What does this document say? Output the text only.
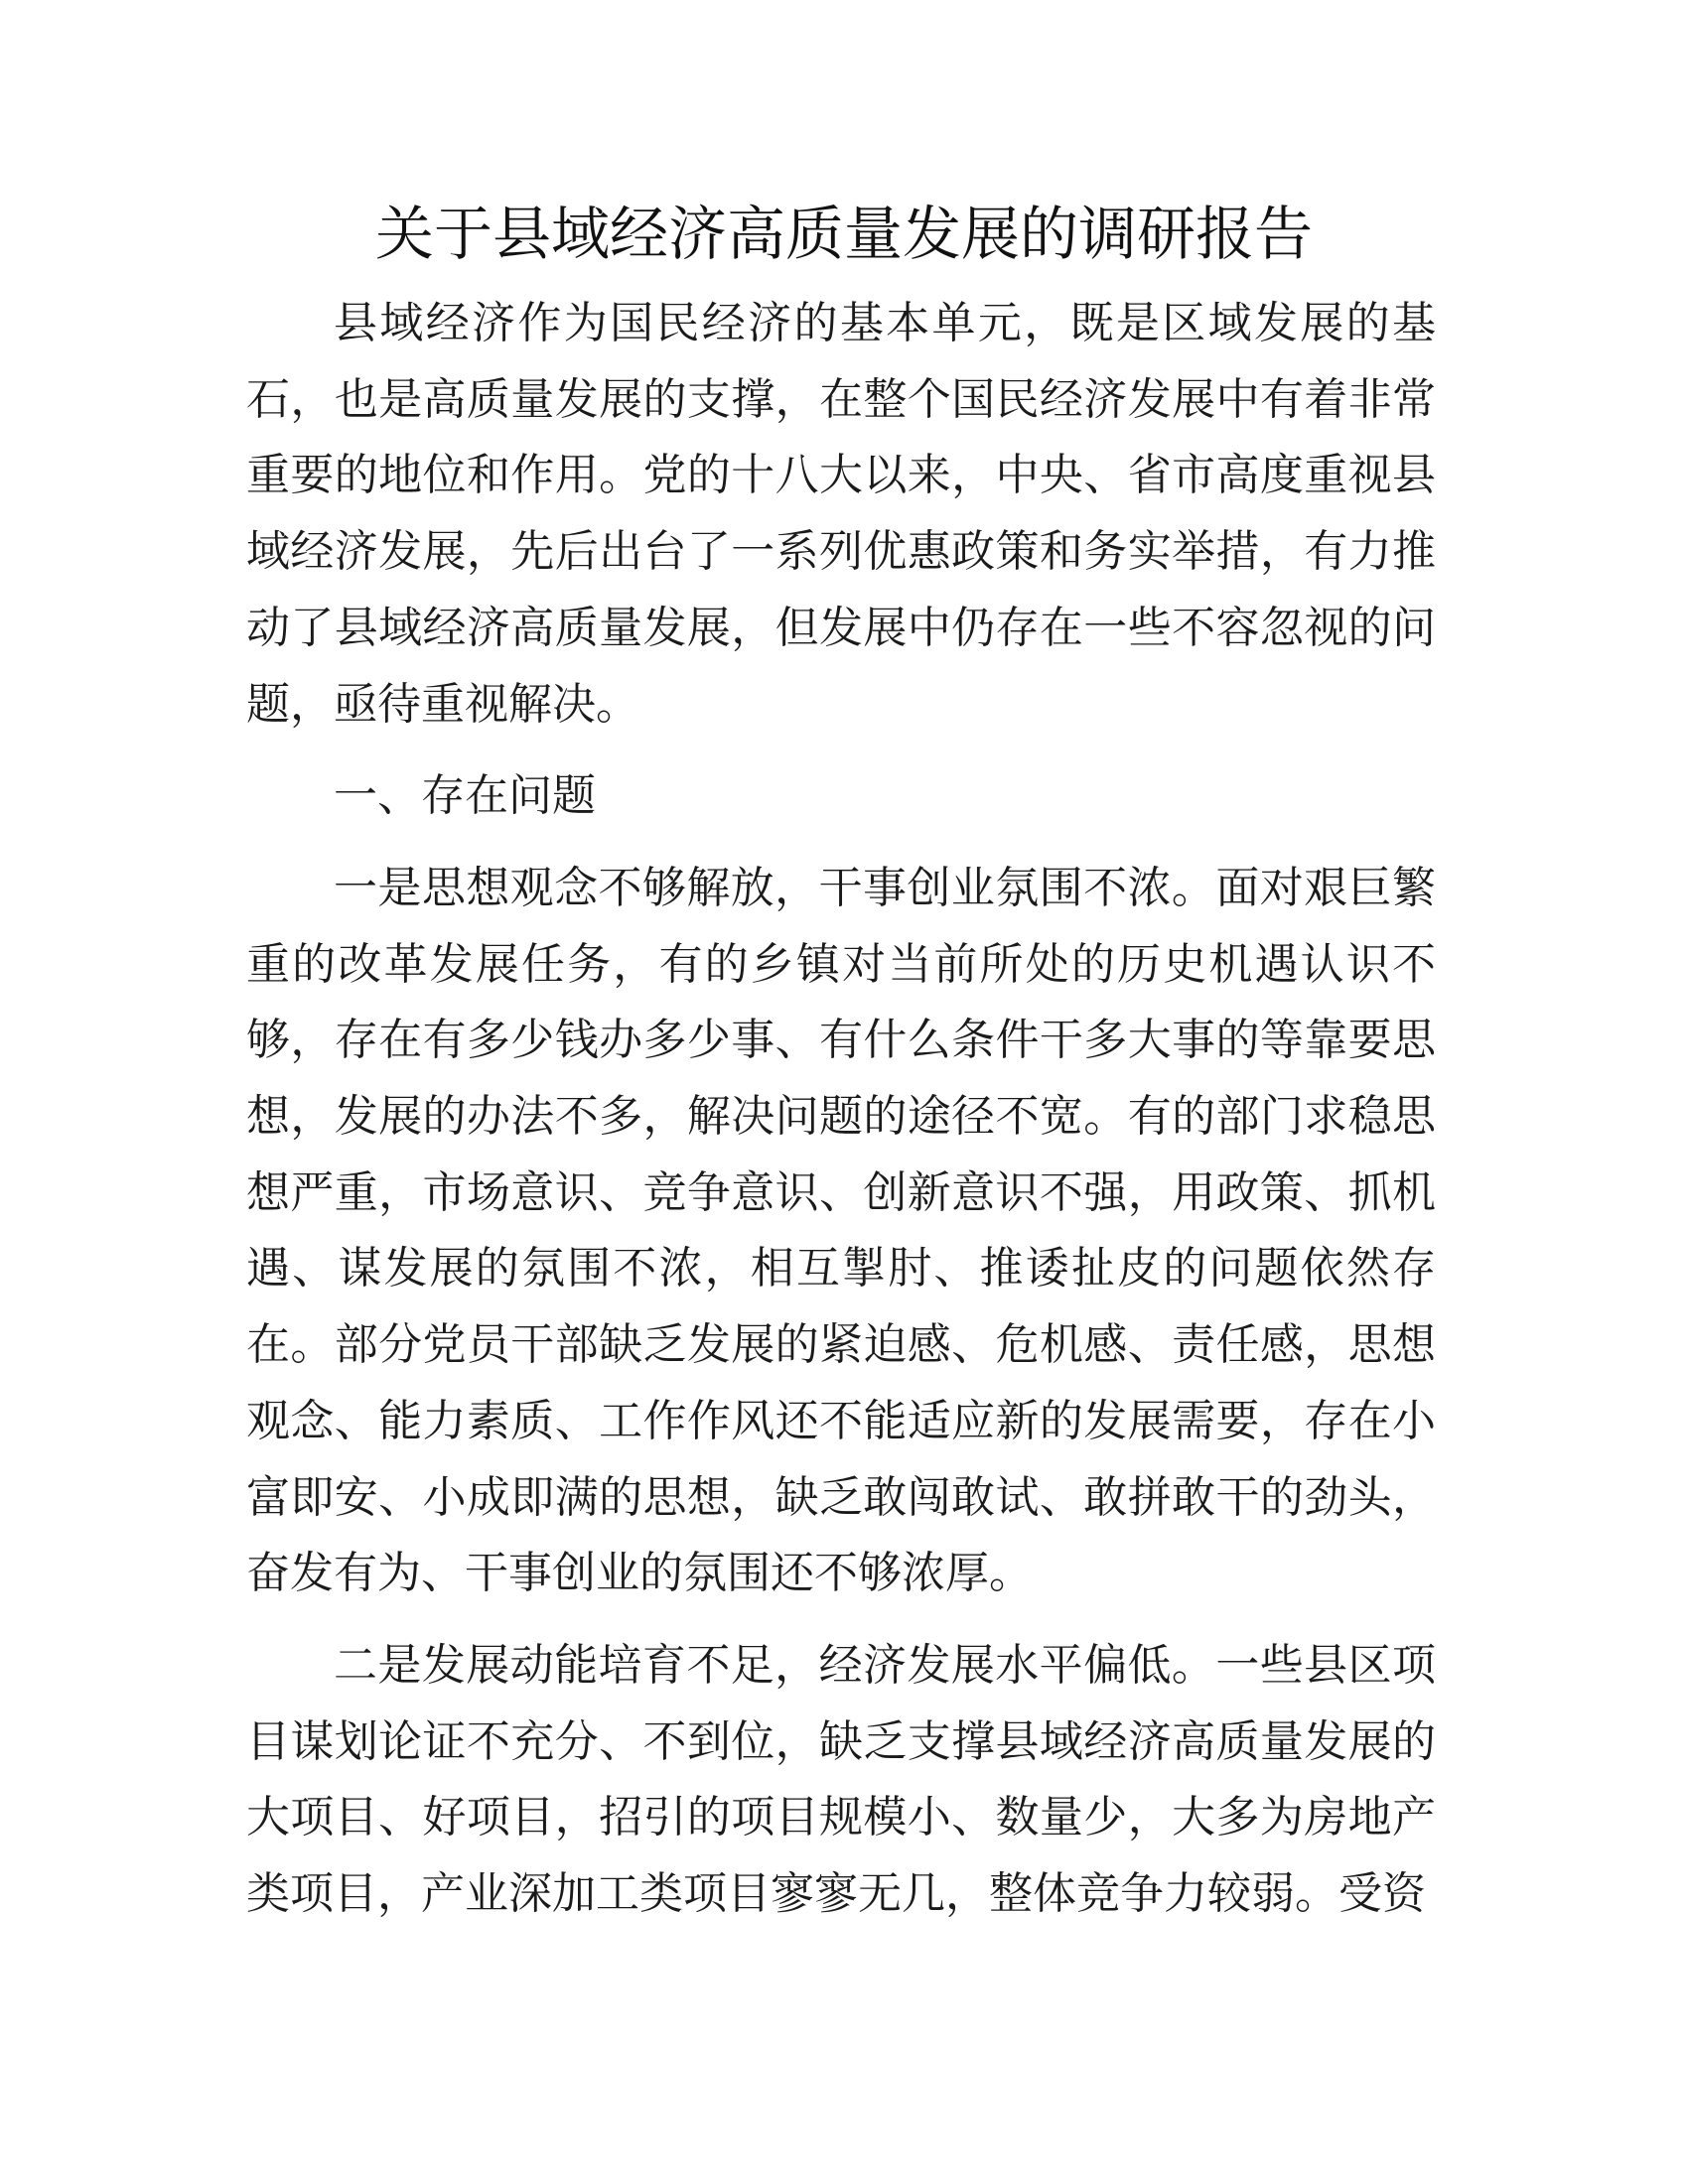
关于县域经济高质量发展的调研报告

县域经济作为国民经济的基本单元，既是区域发展的基石，也是高质量发展的支撑，在整个国民经济发展中有着非常重要的地位和作用。党的十八大以来，中央、省市高度重视县域经济发展，先后出台了一系列优惠政策和务实举措，有力推动了县域经济高质量发展，但发展中仍存在一些不容忽视的问题，亟待重视解决。

一、存在问题

一是思想观念不够解放，干事创业氛围不浓。面对艰巨繁重的改革发展任务，有的乡镇对当前所处的历史机遇认识不够，存在有多少钱办多少事、有什么条件干多大事的等靠要思想，发展的办法不多，解决问题的途径不宽。有的部门求稳思想严重，市场意识、竞争意识、创新意识不强，用政策、抓机遇、谋发展的氛围不浓，相互掣肘、推诿扯皮的问题依然存在。部分党员干部缺乏发展的紧迫感、危机感、责任感，思想观念、能力素质、工作作风还不能适应新的发展需要，存在小富即安、小成即满的思想，缺乏敢闯敢试、敢拼敢干的劲头，奋发有为、干事创业的氛围还不够浓厚。

二是发展动能培育不足，经济发展水平偏低。一些县区项目谋划论证不充分、不到位，缺乏支撑县域经济高质量发展的大项目、好项目，招引的项目规模小、数量少，大多为房地产类项目，产业深加工类项目寥寥无几，整体竞争力较弱。受资
